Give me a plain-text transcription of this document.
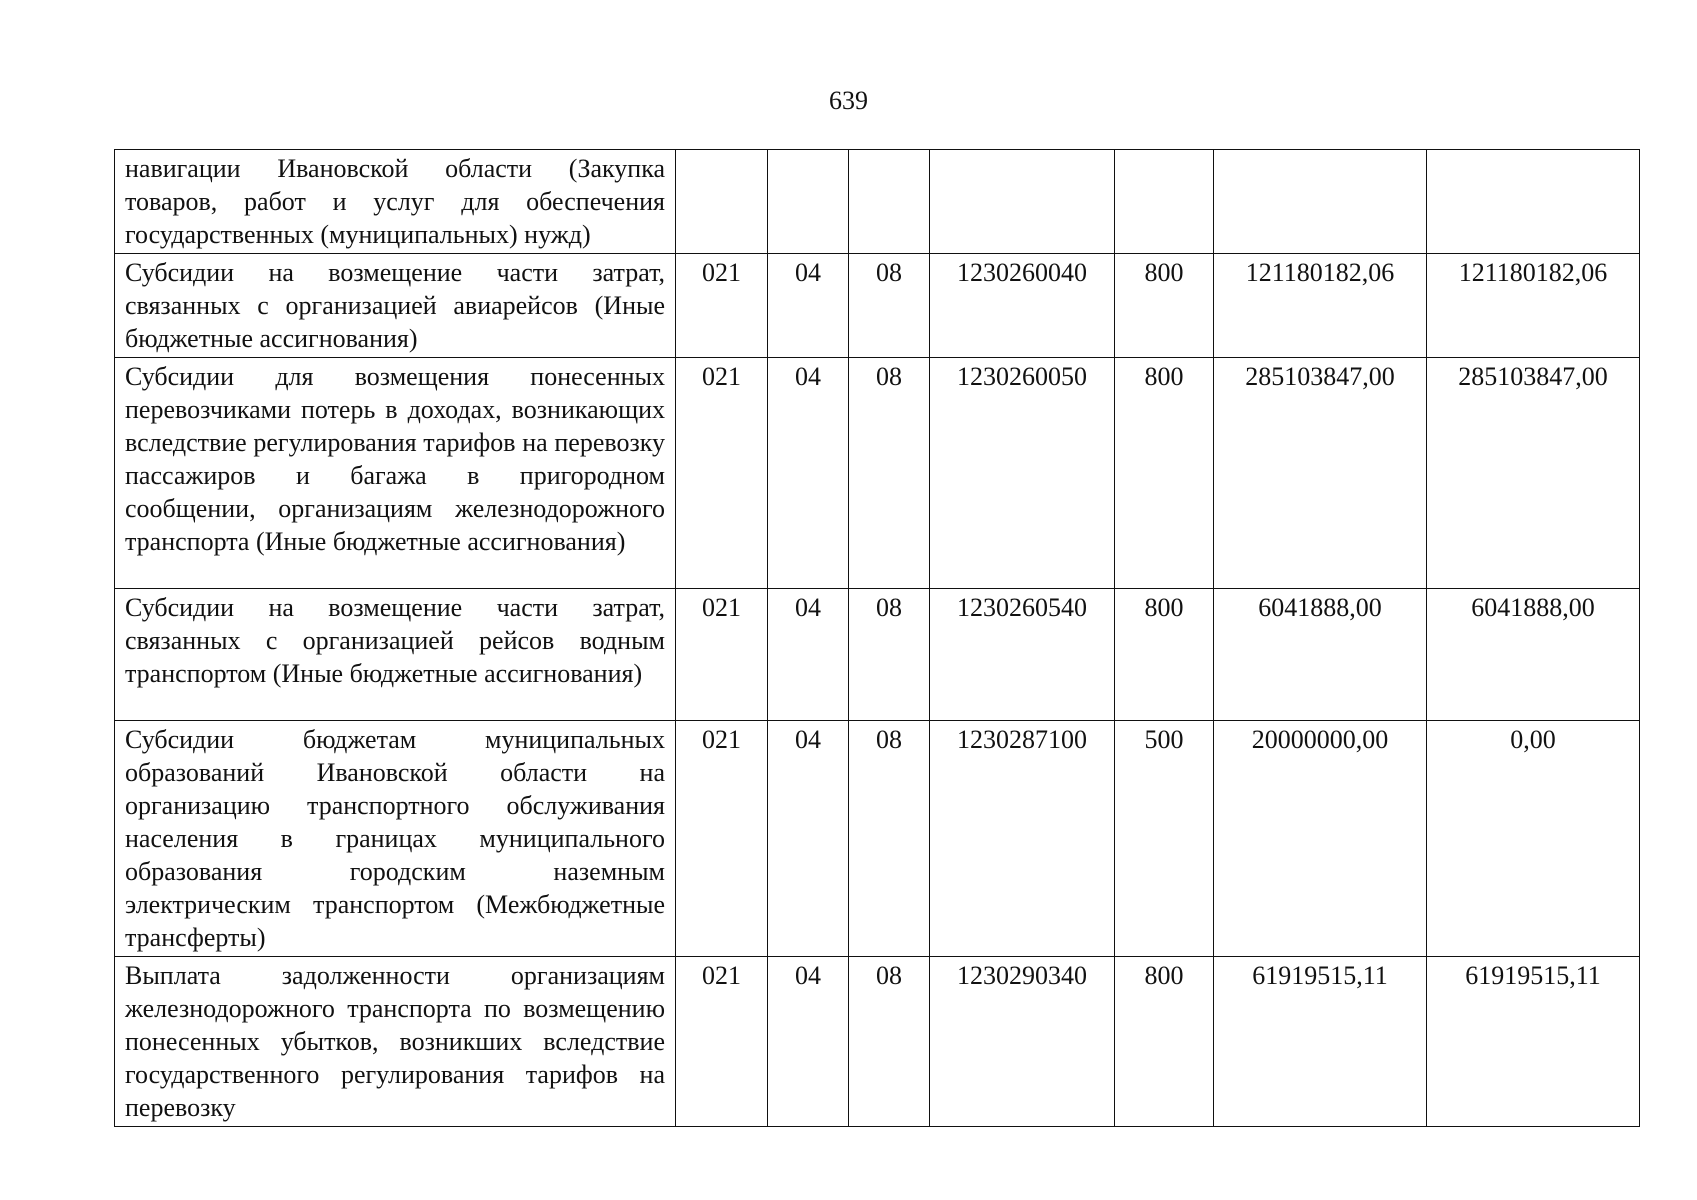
639
навигации Ивановской области (Закупка товаров, работ и услуг для обеспечения государственных (муниципальных) нужд)							
Субсидии на возмещение части затрат, связанных с организацией авиарейсов (Иные бюджетные ассигнования)	021	04	08	1230260040	800	121180182,06	121180182,06
Субсидии для возмещения понесенных перевозчиками потерь в доходах, возникающих вследствие регулирования тарифов на перевозку пассажиров и багажа в пригородном сообщении, организациям железнодорожного транспорта (Иные бюджетные ассигнования)	021	04	08	1230260050	800	285103847,00	285103847,00
Субсидии на возмещение части затрат, связанных с организацией рейсов водным транспортом (Иные бюджетные ассигнования)	021	04	08	1230260540	800	6041888,00	6041888,00
Субсидии бюджетам муниципальных образований Ивановской области на организацию транспортного обслуживания населения в границах муниципального образования городским наземным электрическим транспортом (Межбюджетные трансферты)	021	04	08	1230287100	500	20000000,00	0,00
Выплата задолженности организациям железнодорожного транспорта по возмещению понесенных убытков, возникших вследствие государственного регулирования тарифов на перевозку	021	04	08	1230290340	800	61919515,11	61919515,11
